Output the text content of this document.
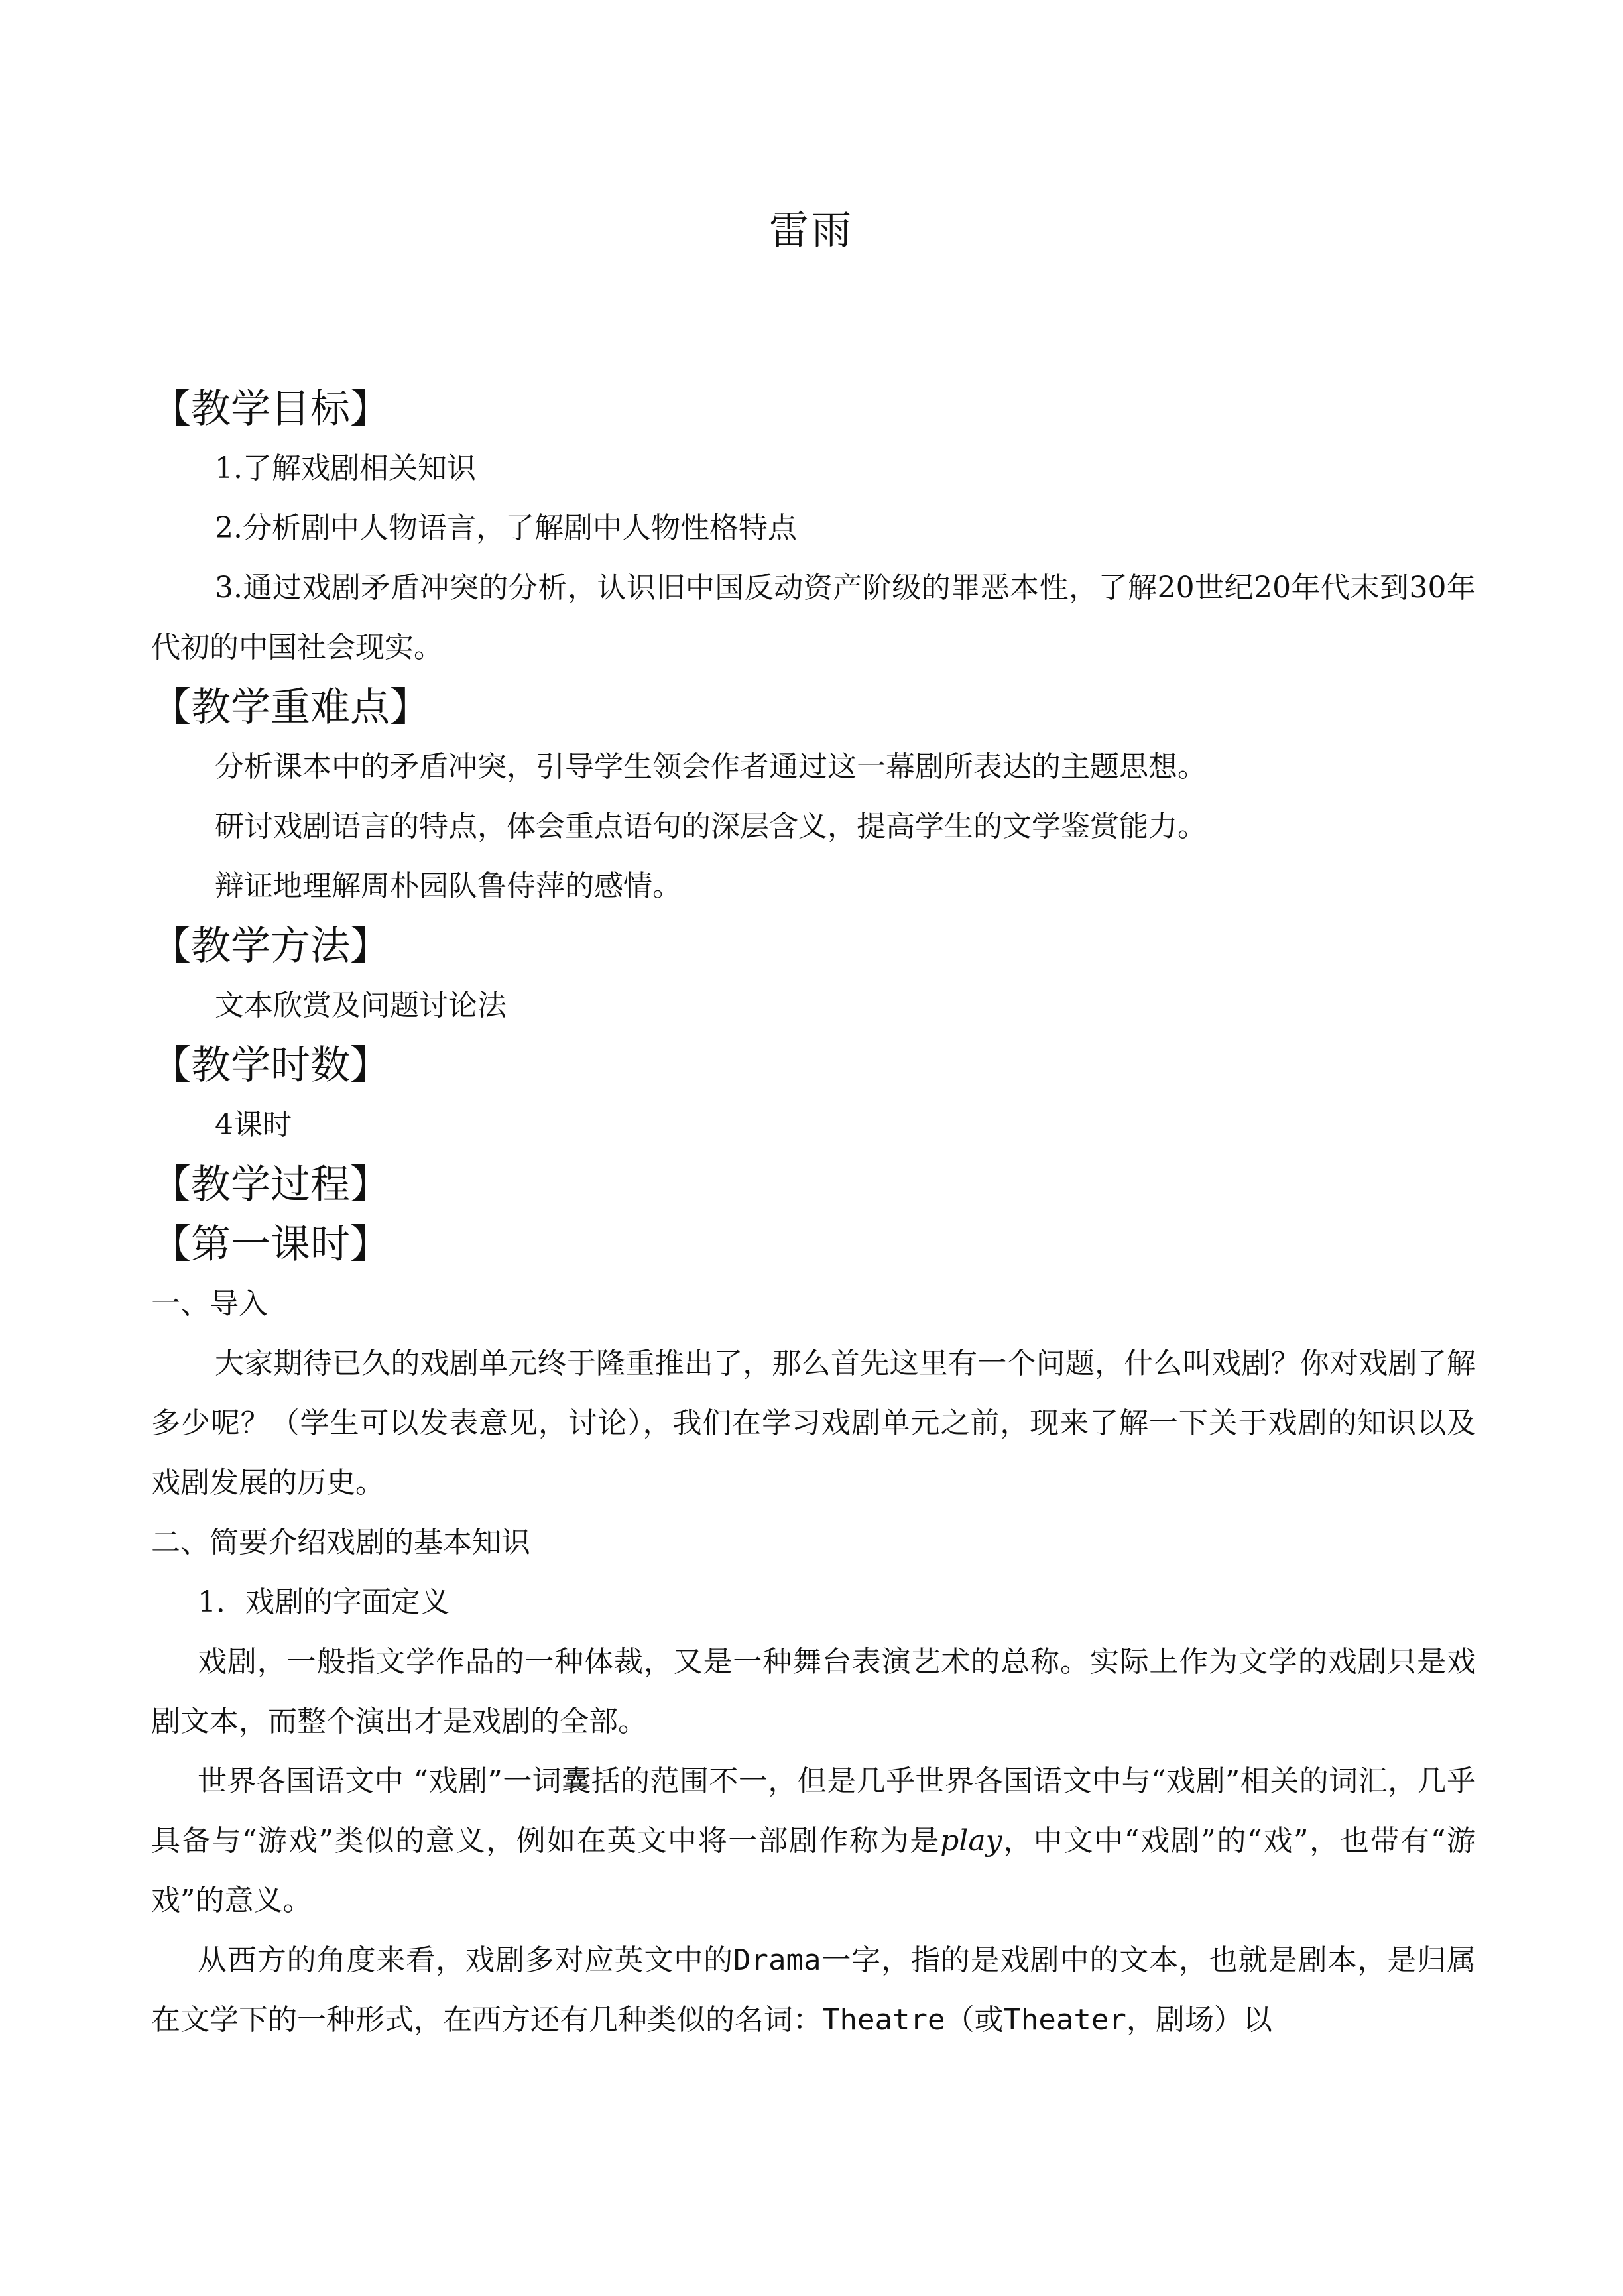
雷雨

【教学目标】

1.了解戏剧相关知识

2.分析剧中人物语言，了解剧中人物性格特点

3.通过戏剧矛盾冲突的分析，认识旧中国反动资产阶级的罪恶本性，了解20世纪20年代末到30年代初的中国社会现实。

【教学重难点】

分析课本中的矛盾冲突，引导学生领会作者通过这一幕剧所表达的主题思想。

研讨戏剧语言的特点，体会重点语句的深层含义，提高学生的文学鉴赏能力。

辩证地理解周朴园队鲁侍萍的感情。

【教学方法】

文本欣赏及问题讨论法

【教学时数】

4课时

【教学过程】

【第一课时】

一、导入

大家期待已久的戏剧单元终于隆重推出了，那么首先这里有一个问题，什么叫戏剧？你对戏剧了解多少呢？（学生可以发表意见，讨论），我们在学习戏剧单元之前，现来了解一下关于戏剧的知识以及戏剧发展的历史。

二、简要介绍戏剧的基本知识

1．戏剧的字面定义

戏剧，一般指文学作品的一种体裁，又是一种舞台表演艺术的总称。实际上作为文学的戏剧只是戏剧文本，而整个演出才是戏剧的全部。

世界各国语文中 “戏剧”一词囊括的范围不一，但是几乎世界各国语文中与“戏剧”相关的词汇，几乎具备与“游戏”类似的意义，例如在英文中将一部剧作称为是play，中文中“戏剧”的“戏”，也带有“游戏”的意义。

从西方的角度来看，戏剧多对应英文中的Drama一字，指的是戏剧中的文本，也就是剧本，是归属在文学下的一种形式，在西方还有几种类似的名词：Theatre（或Theater，剧场）以
